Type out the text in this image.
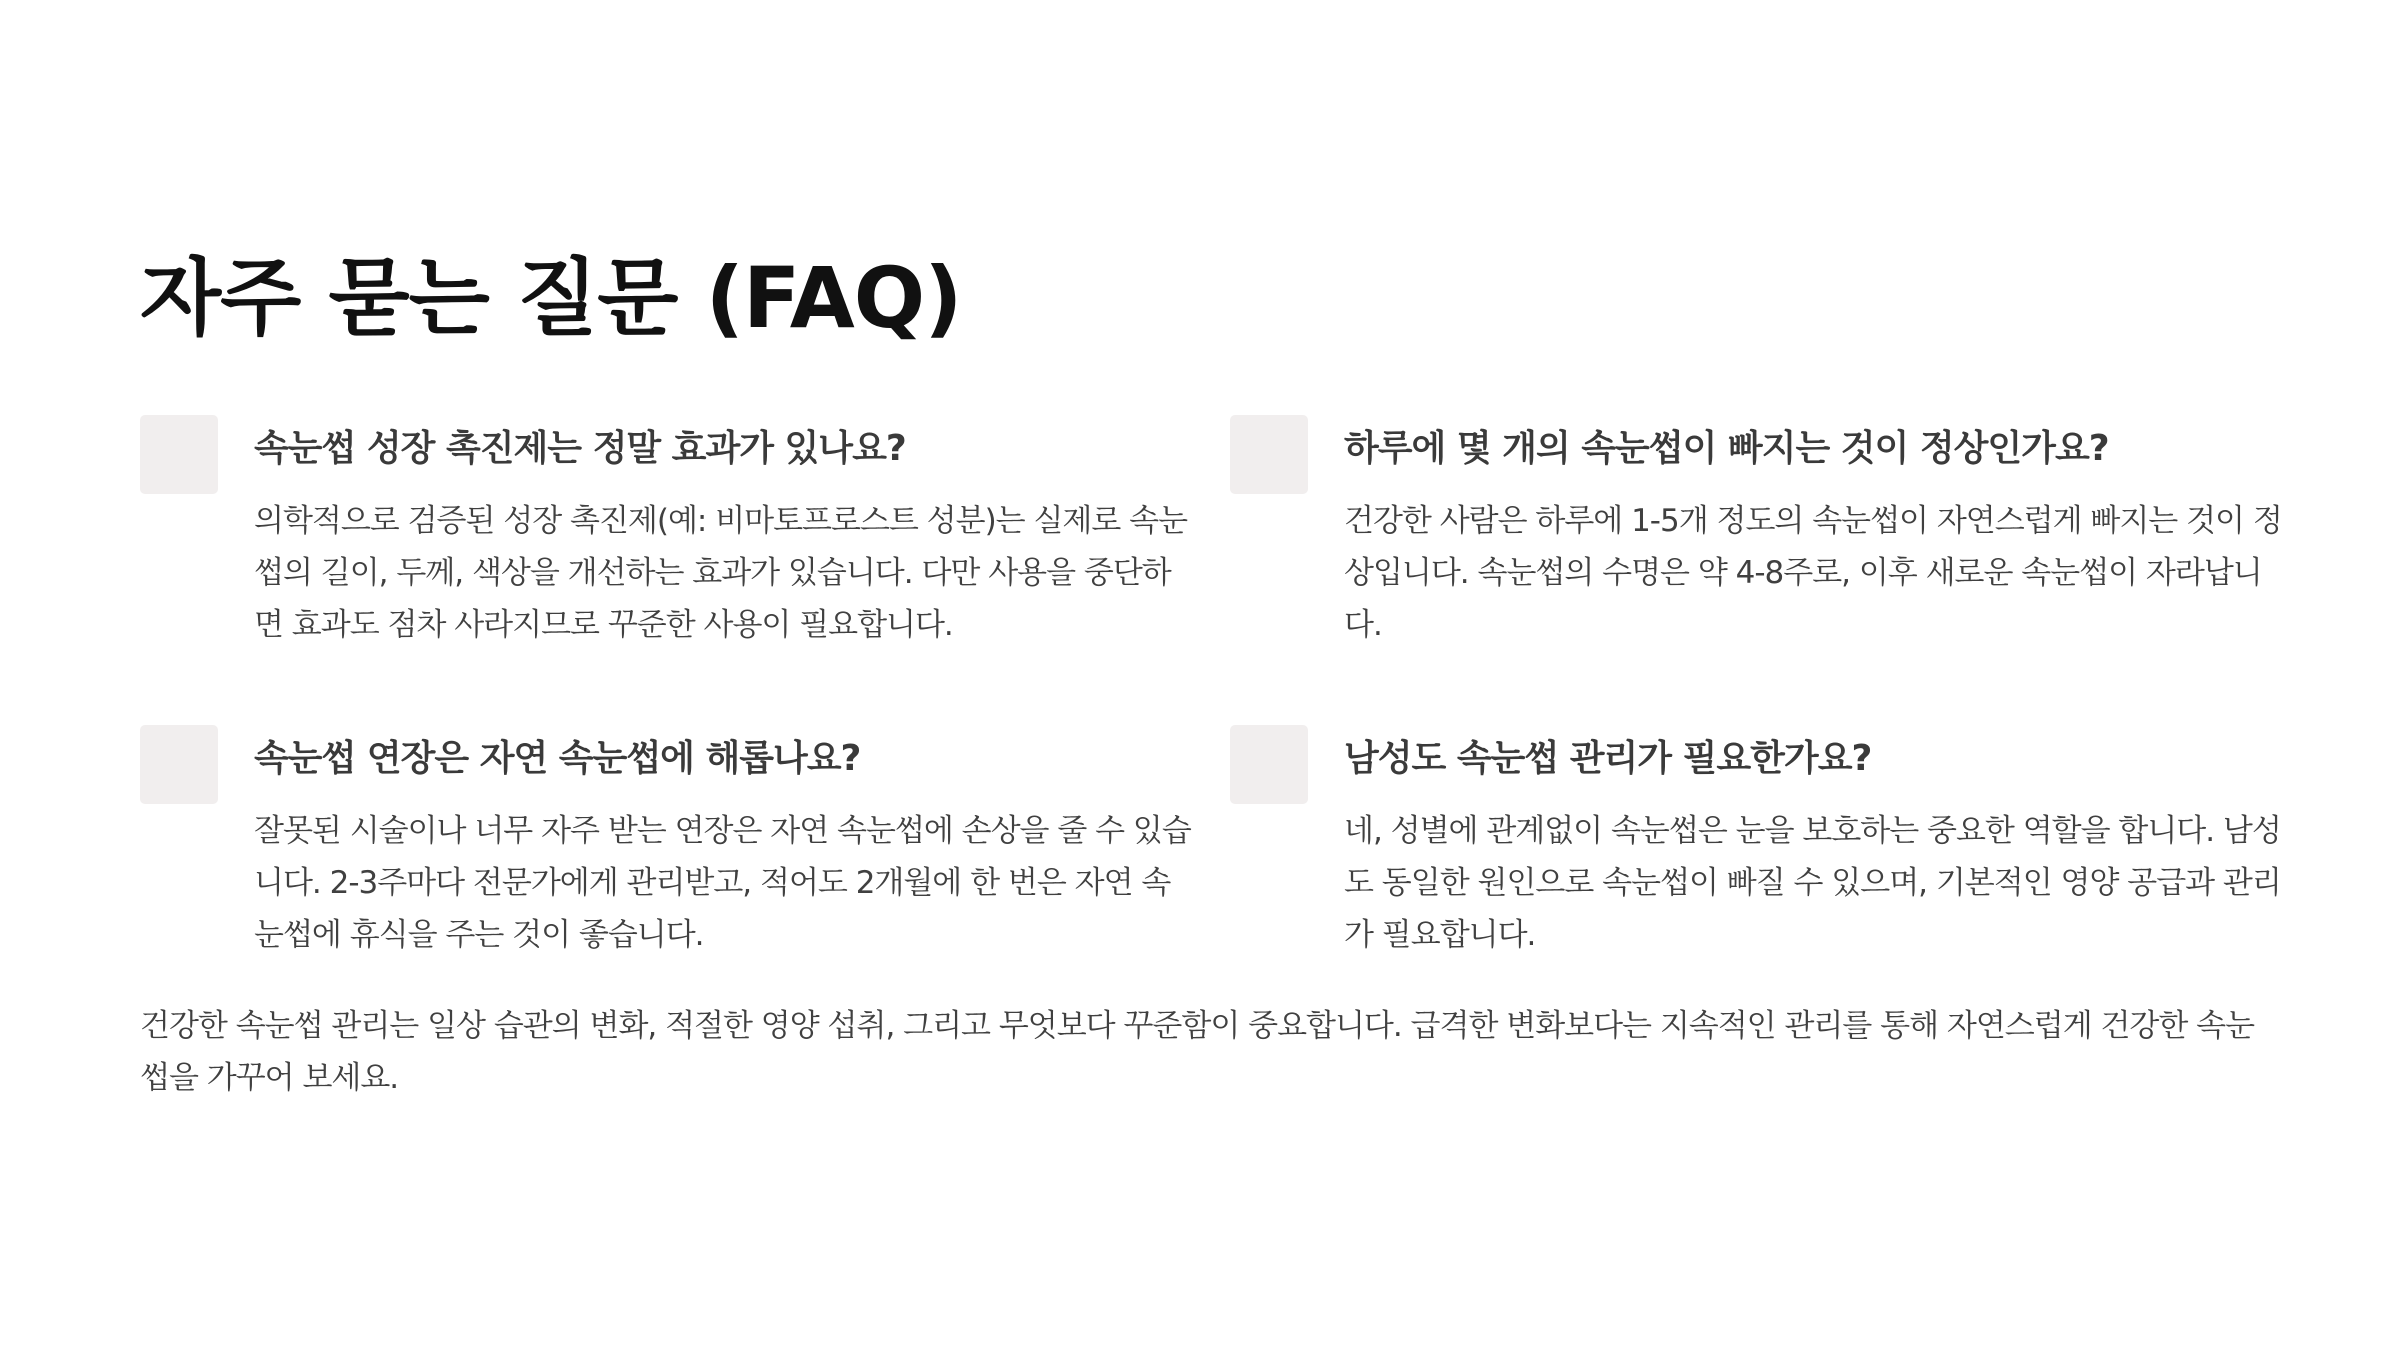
자주 묻는 질문 (FAQ)
속눈썹 성장 촉진제는 정말 효과가 있나요?

의학적으로 검증된 성장 촉진제(예: 비마토프로스트 성분)는 실제로 속눈썹의 길이, 두께, 색상을 개선하는 효과가 있습니다. 다만 사용을 중단하면 효과도 점차 사라지므로 꾸준한 사용이 필요합니다.

하루에 몇 개의 속눈썹이 빠지는 것이 정상인가요?

건강한 사람은 하루에 1-5개 정도의 속눈썹이 자연스럽게 빠지는 것이 정상입니다. 속눈썹의 수명은 약 4-8주로, 이후 새로운 속눈썹이 자라납니다.

속눈썹 연장은 자연 속눈썹에 해롭나요?

잘못된 시술이나 너무 자주 받는 연장은 자연 속눈썹에 손상을 줄 수 있습니다. 2-3주마다 전문가에게 관리받고, 적어도 2개월에 한 번은 자연 속눈썹에 휴식을 주는 것이 좋습니다.

남성도 속눈썹 관리가 필요한가요?

네, 성별에 관계없이 속눈썹은 눈을 보호하는 중요한 역할을 합니다. 남성도 동일한 원인으로 속눈썹이 빠질 수 있으며, 기본적인 영양 공급과 관리가 필요합니다.

건강한 속눈썹 관리는 일상 습관의 변화, 적절한 영양 섭취, 그리고 무엇보다 꾸준함이 중요합니다. 급격한 변화보다는 지속적인 관리를 통해 자연스럽게 건강한 속눈썹을 가꾸어 보세요.
